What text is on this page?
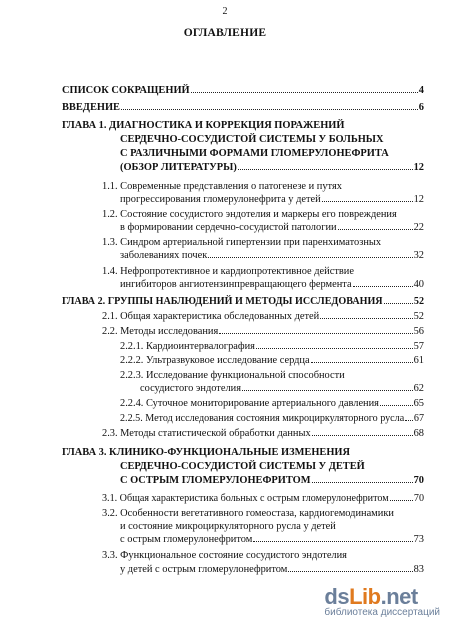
2
ОГЛАВЛЕНИЕ
СПИСОК СОКРАЩЕНИЙ	4
ВВЕДЕНИЕ	6
ГЛАВА 1. ДИАГНОСТИКА И КОРРЕКЦИЯ ПОРАЖЕНИЙ
СЕРДЕЧНО-СОСУДИСТОЙ СИСТЕМЫ У БОЛЬНЫХ
С РАЗЛИЧНЫМИ ФОРМАМИ ГЛОМЕРУЛОНЕФРИТА
(ОБЗОР ЛИТЕРАТУРЫ)	12
1.1. Современные представления о патогенезе и путях
прогрессирования гломерулонефрита у детей	12
1.2. Состояние сосудистого эндотелия и маркеры его повреждения
в формировании сердечно-сосудистой патологии	22
1.3. Синдром артериальной гипертензии при паренхиматозных
заболеваниях почек	32
1.4. Нефропротективное и кардиопротективное действие
ингибиторов ангиотензинпревращающего фермента	40
ГЛАВА 2. ГРУППЫ НАБЛЮДЕНИЙ И МЕТОДЫ ИССЛЕДОВАНИЯ	52
2.1. Общая характеристика обследованных детей	52
2.2. Методы исследования	56
2.2.1. Кардиоинтервалография	57
2.2.2. Ультразвуковое исследование сердца	61
2.2.3. Исследование функциональной способности
сосудистого эндотелия	62
2.2.4. Суточное мониторирование артериального давления	65
2.2.5. Метод исследования состояния микроциркуляторного русла 67
2.3. Методы статистической обработки данных	68
ГЛАВА 3. КЛИНИКО-ФУНКЦИОНАЛЬНЫЕ ИЗМЕНЕНИЯ
СЕРДЕЧНО-СОСУДИСТОЙ СИСТЕМЫ У ДЕТЕЙ
С ОСТРЫМ ГЛОМЕРУЛОНЕФРИТОМ	70
3.1. Общая характеристика больных с острым гломерулонефритом	70
3.2. Особенности вегетативного гомеостаза, кардиогемодинамики
и состояние микроциркуляторного русла у детей
с острым гломерулонефритом	73
3.3. Функциональное состояние сосудистого эндотелия
у детей с острым гломерулонефритом	83
dsLib.net
библиотека диссертаций
